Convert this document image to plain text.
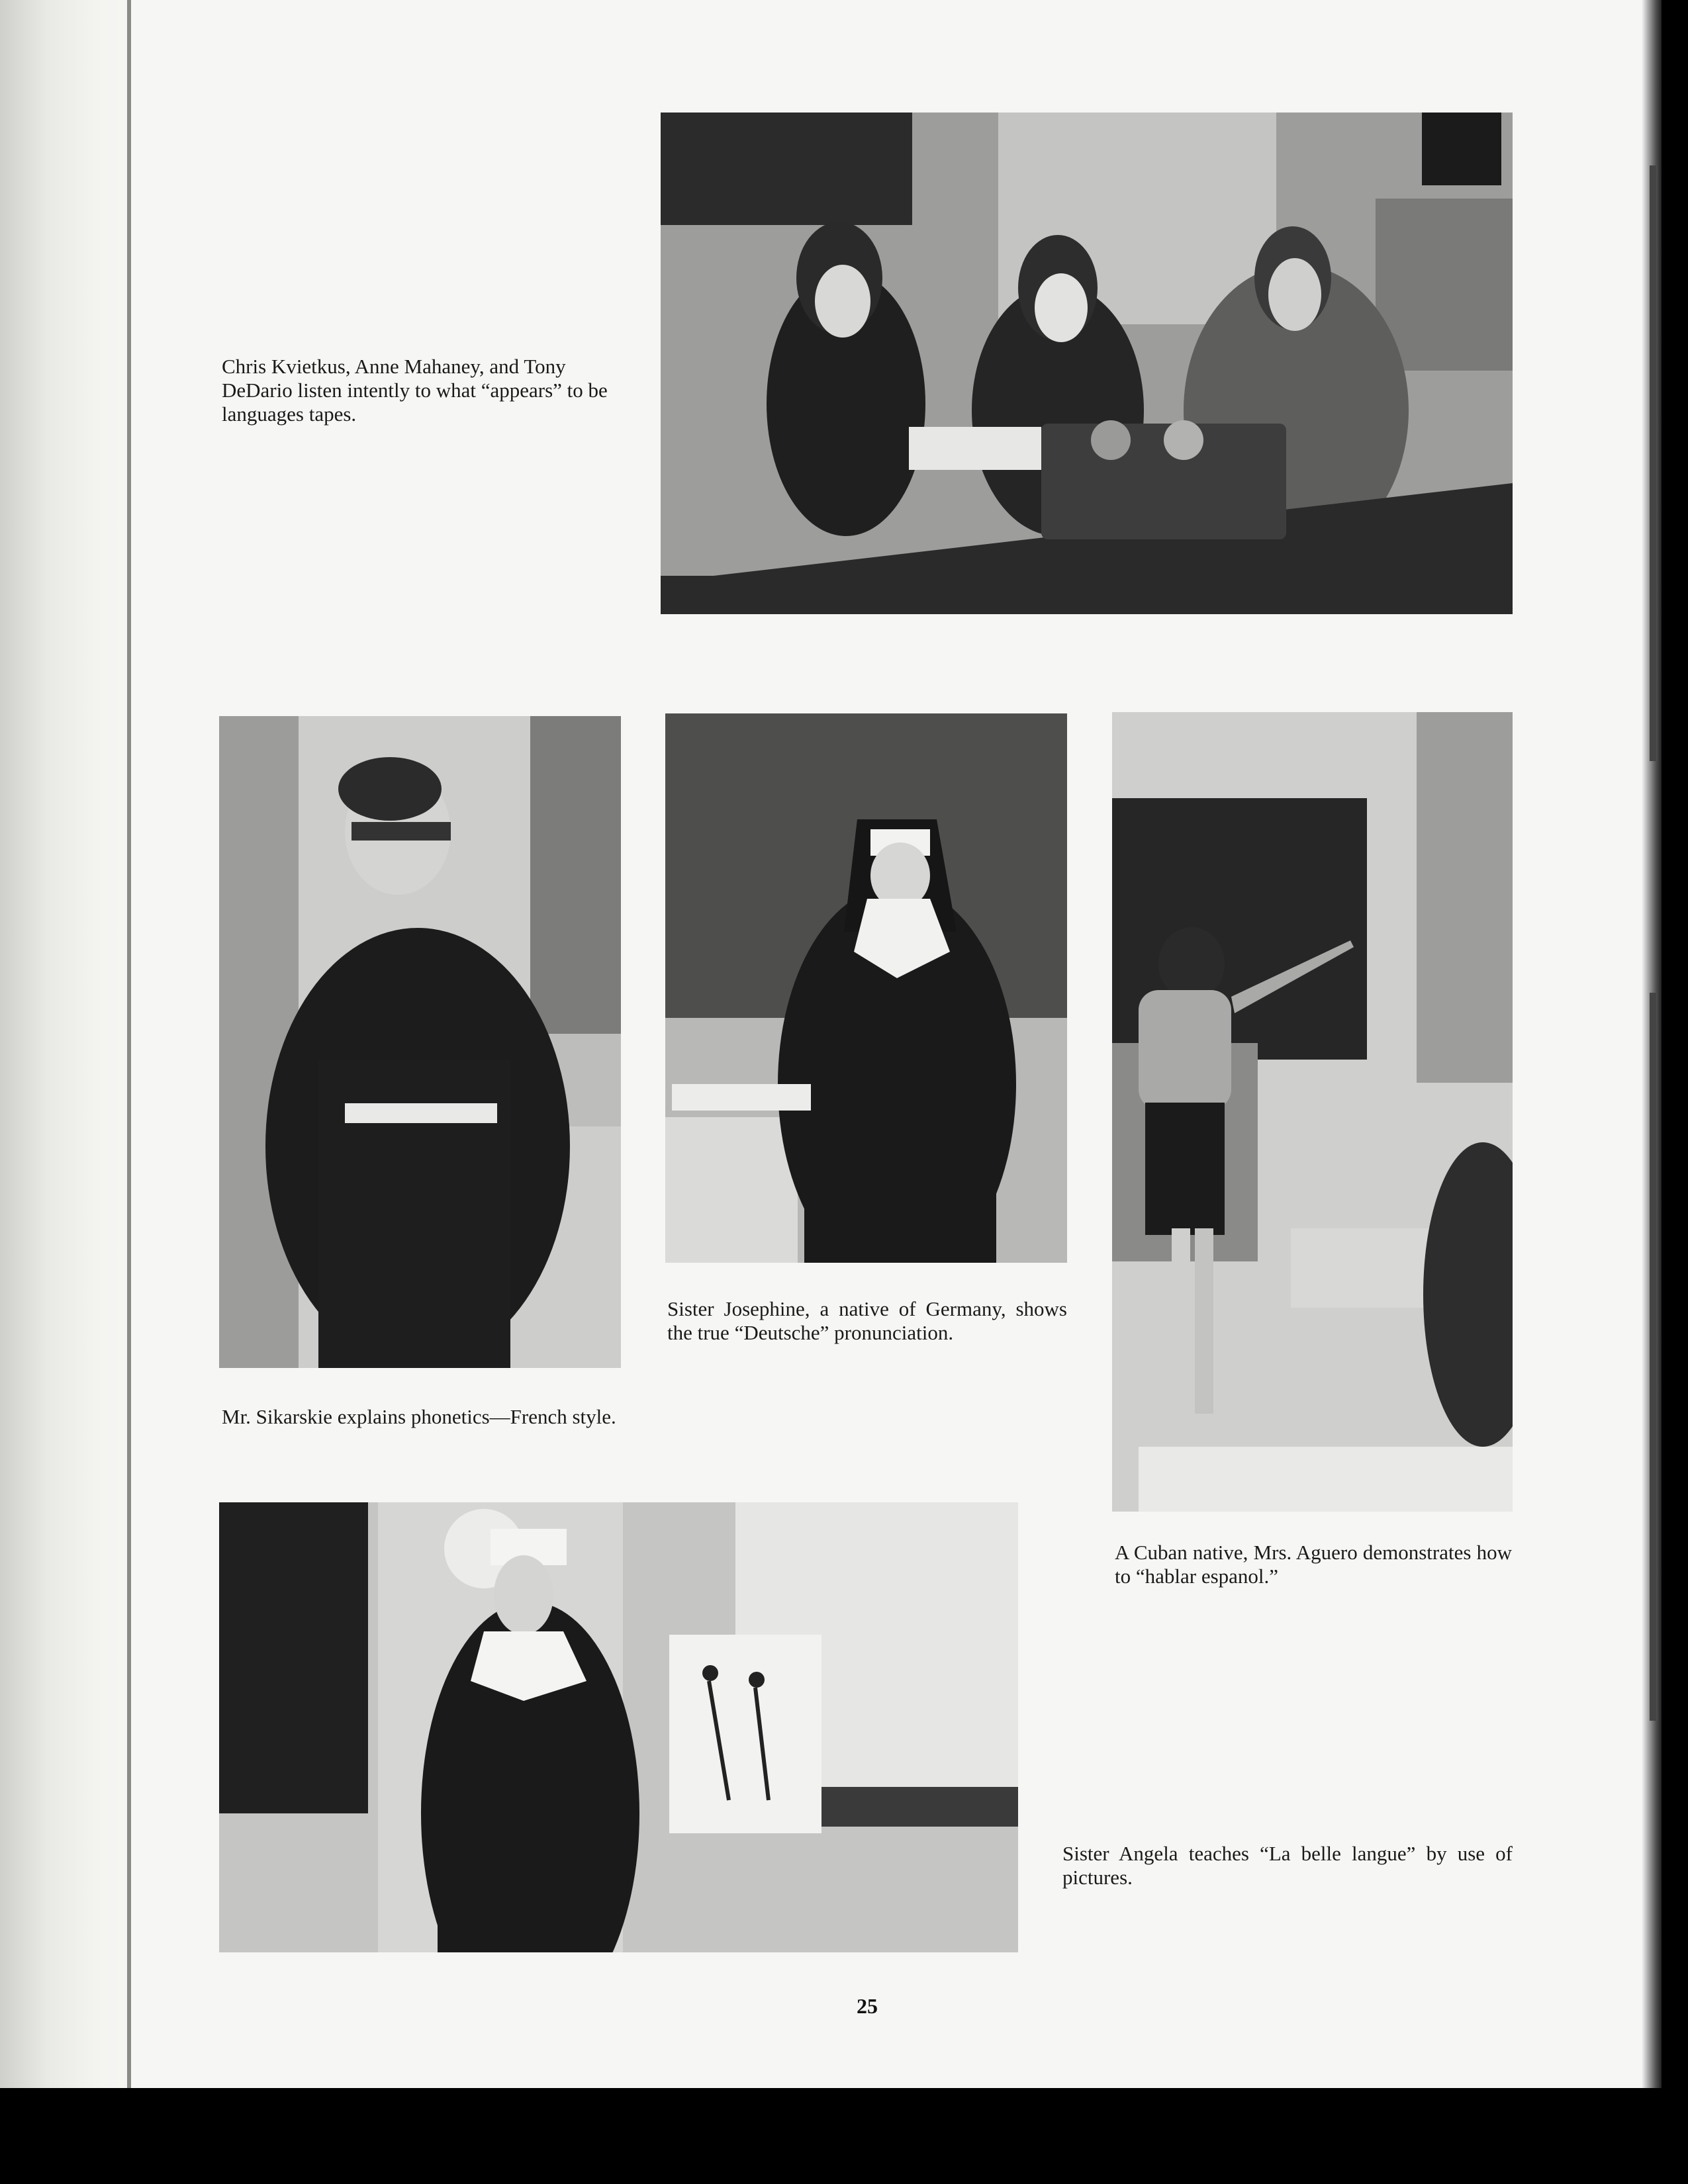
Chris Kvietkus, Anne Mahaney, and Tony DeDario listen intently to what “appears” to be languages tapes.

Mr. Sikarskie explains phonetics—French style.

Sister Josephine, a native of Germany, shows the true “Deutsche” pronunciation.

A Cuban native, Mrs. Aguero demonstrates how to “hablar espanol.”

Sister Angela teaches “La belle langue” by use of pictures.

25
